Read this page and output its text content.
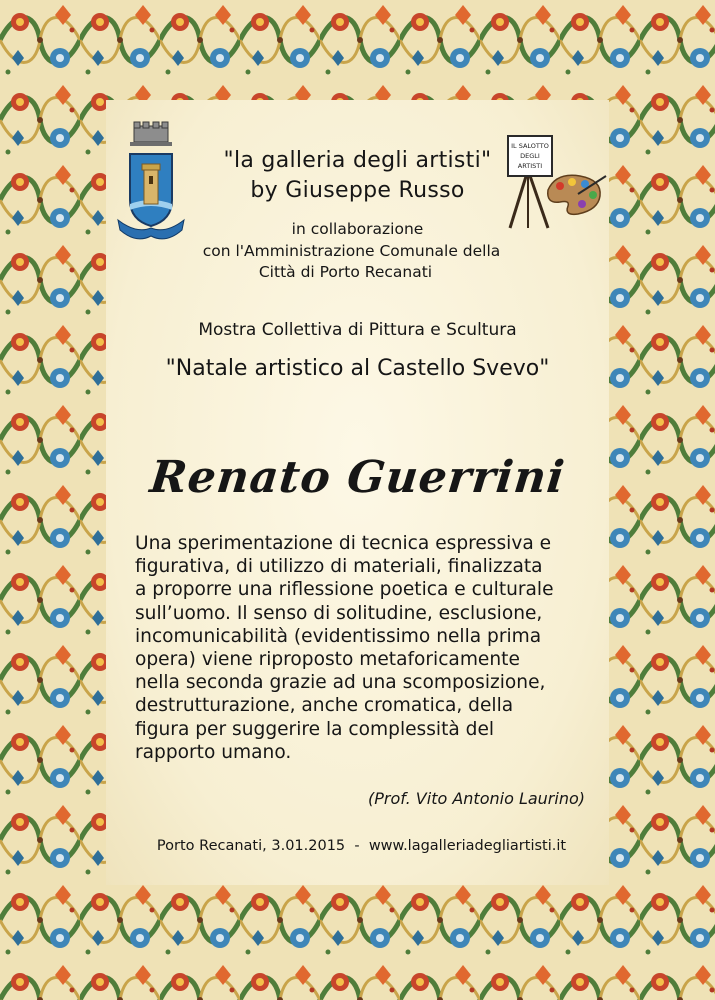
IL SALOTTO
DEGLI
ARTISTI

"la galleria degli artisti"

by Giuseppe Russo

in collaborazione

con l'Amministrazione Comunale della

Città di Porto Recanati

Mostra Collettiva di Pittura e Scultura

"Natale artistico al Castello Svevo"

Renato Guerrini

Una sperimentazione di tecnica espressiva e
figurativa, di utilizzo di materiali, finalizzata
a proporre una riflessione poetica e culturale
sull’uomo. Il senso di solitudine, esclusione,
incomunicabilità (evidentissimo nella prima
opera) viene riproposto metaforicamente
nella seconda grazie ad una scomposizione,
destrutturazione, anche cromatica, della
figura per suggerire la complessità del
rapporto umano.

(Prof. Vito Antonio Laurino)

Porto Recanati, 3.01.2015  -  www.lagalleriadegliartisti.it
